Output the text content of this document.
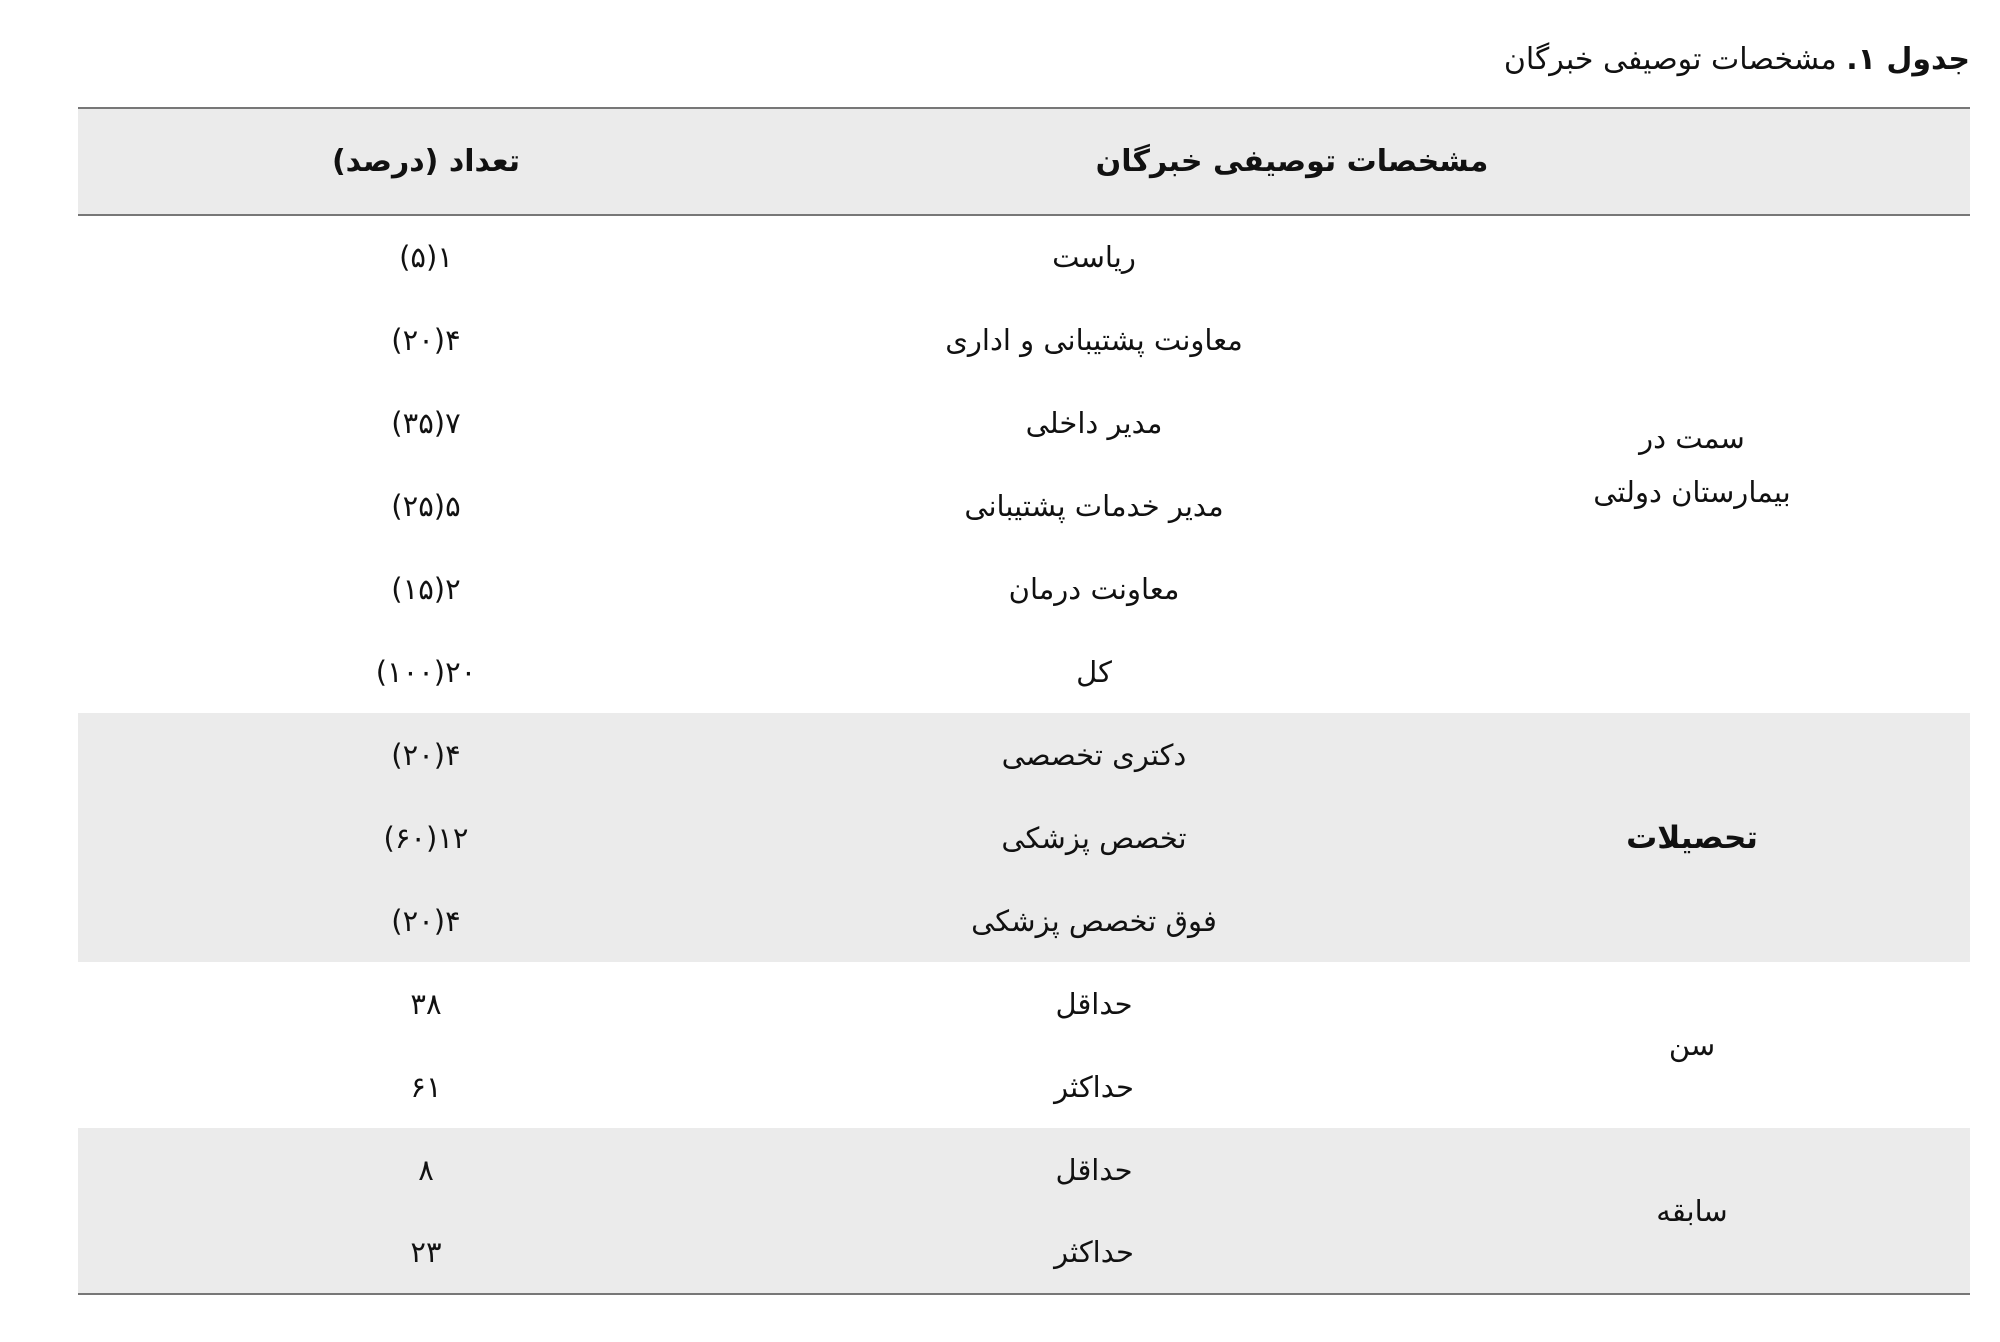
جدول ۱. مشخصات توصیفی خبرگان
مشخصات توصیفی خبرگان		تعداد (درصد)

سمت در
بیمارستان دولتی	ریاست	۱(۵)
	معاونت پشتیبانی و اداری	۴(۲۰)
	مدیر داخلی	۷(۳۵)
	مدیر خدمات پشتیبانی	۵(۲۵)
	معاونت درمان	۲(۱۵)
	کل	۲۰(۱۰۰)
تحصیلات	دکتری تخصصی	۴(۲۰)
	تخصص پزشکی	۱۲(۶۰)
	فوق تخصص پزشکی	۴(۲۰)
سن	حداقل	۳۸
	حداکثر	۶۱
سابقه	حداقل	۸
	حداکثر	۲۳
